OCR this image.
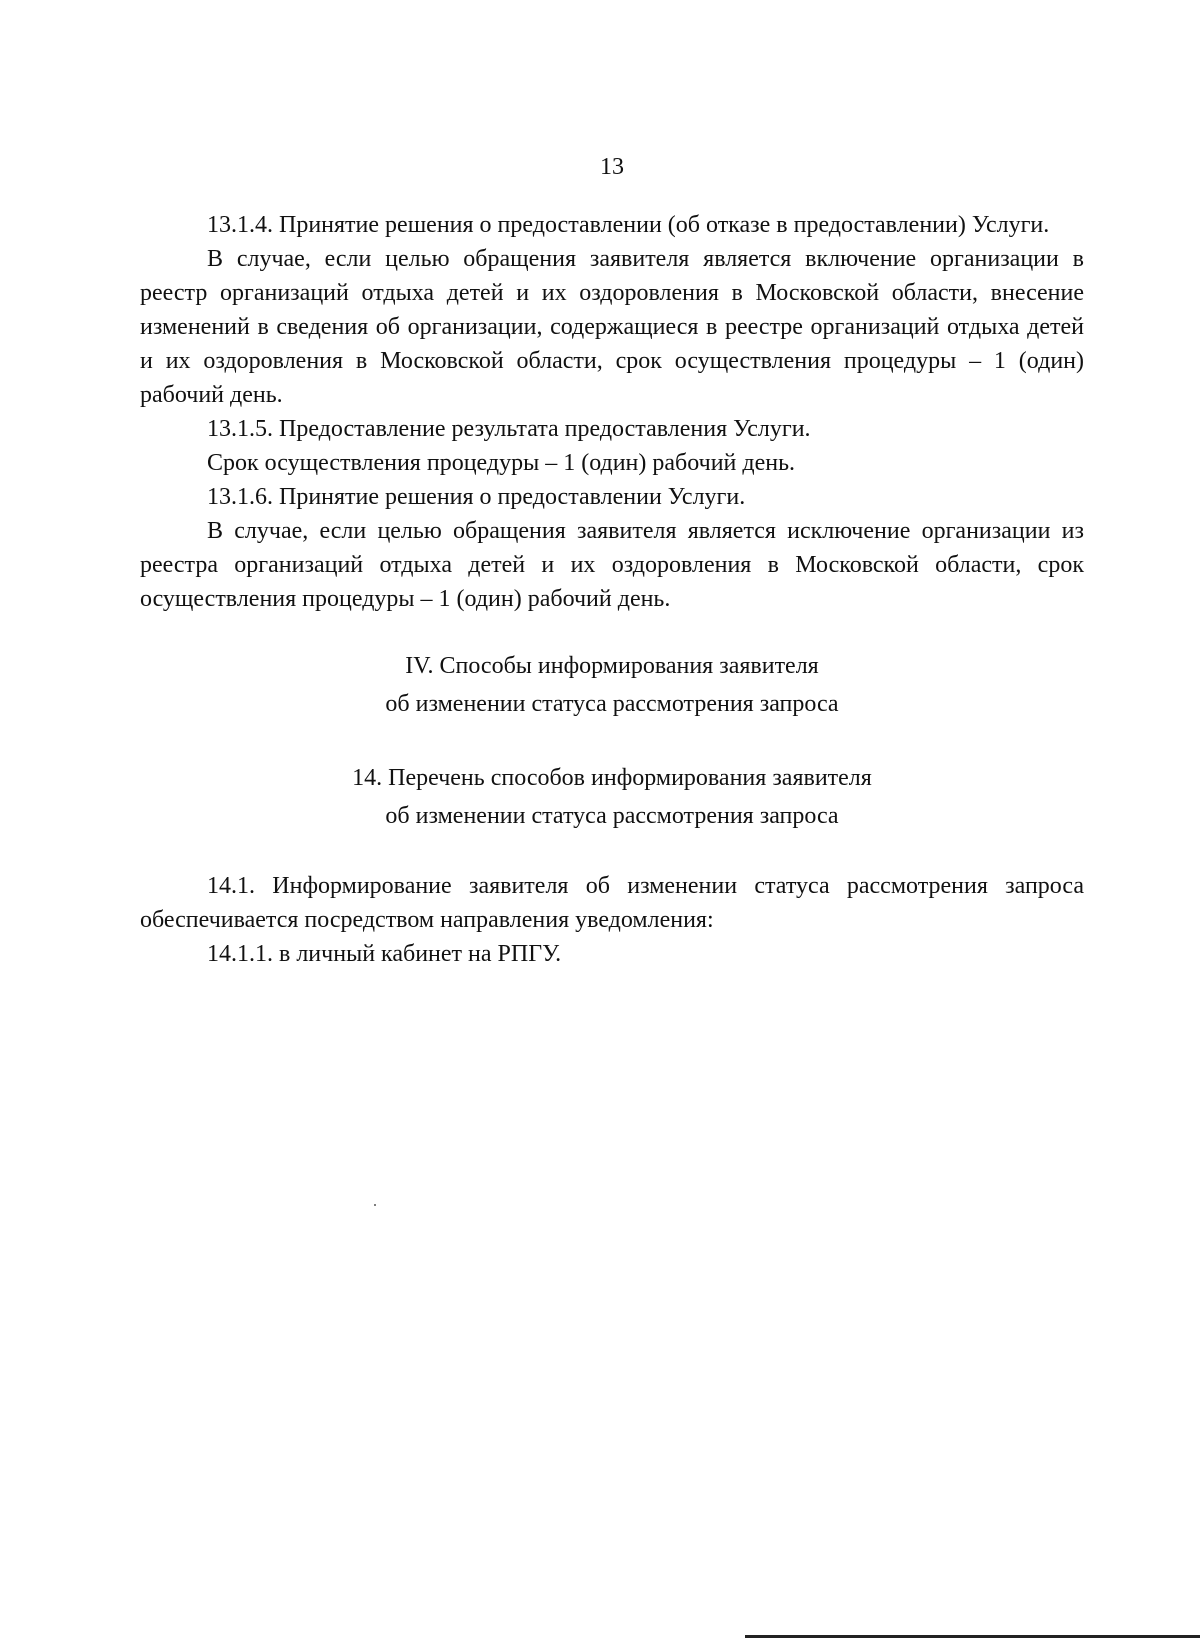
13

13.1.4. Принятие решения о предоставлении (об отказе в предоставлении) Услуги.

В случае, если целью обращения заявителя является включение организации в реестр организаций отдыха детей и их оздоровления в Московской области, внесение изменений в сведения об организации, содержащиеся в реестре организаций отдыха детей и их оздоровления в Московской области, срок осуществления процедуры – 1 (один) рабочий день.

13.1.5. Предоставление результата предоставления Услуги.

Срок осуществления процедуры – 1 (один) рабочий день.

13.1.6. Принятие решения о предоставлении Услуги.

В случае, если целью обращения заявителя является исключение организации из реестра организаций отдыха детей и их оздоровления в Московской области, срок осуществления процедуры – 1 (один) рабочий день.

IV. Способы информирования заявителя

об изменении статуса рассмотрения запроса

14. Перечень способов информирования заявителя

об изменении статуса рассмотрения запроса

14.1. Информирование заявителя об изменении статуса рассмотрения запроса обеспечивается посредством направления уведомления:

14.1.1. в личный кабинет на РПГУ.
